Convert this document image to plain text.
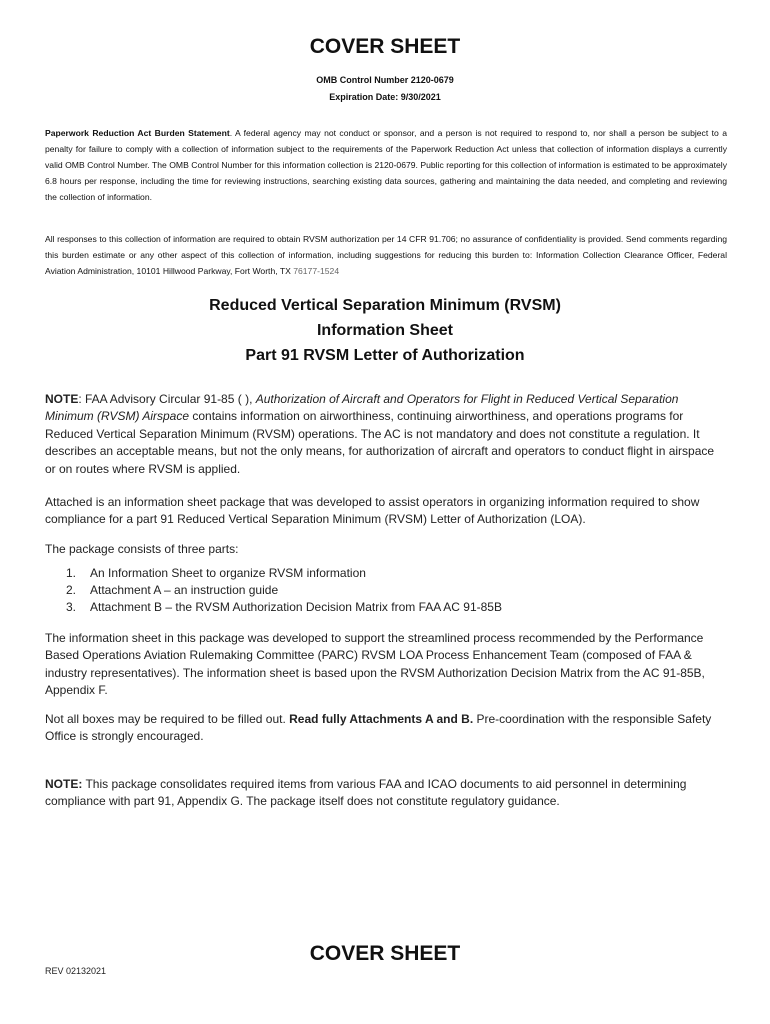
COVER SHEET
OMB Control Number 2120-0679
Expiration Date: 9/30/2021

Paperwork Reduction Act Burden Statement. A federal agency may not conduct or sponsor, and a person is not required to respond to, nor shall a person be subject to a penalty for failure to comply with a collection of information subject to the requirements of the Paperwork Reduction Act unless that collection of information displays a currently valid OMB Control Number. The OMB Control Number for this information collection is 2120-0679. Public reporting for this collection of information is estimated to be approximately 6.8 hours per response, including the time for reviewing instructions, searching existing data sources, gathering and maintaining the data needed, and completing and reviewing the collection of information.

All responses to this collection of information are required to obtain RVSM authorization per 14 CFR 91.706; no assurance of confidentiality is provided. Send comments regarding this burden estimate or any other aspect of this collection of information, including suggestions for reducing this burden to: Information Collection Clearance Officer, Federal Aviation Administration, 10101 Hillwood Parkway, Fort Worth, TX 76177-1524

Reduced Vertical Separation Minimum (RVSM)
Information Sheet
Part 91 RVSM Letter of Authorization

NOTE: FAA Advisory Circular 91-85 ( ), Authorization of Aircraft and Operators for Flight in Reduced Vertical Separation Minimum (RVSM) Airspace contains information on airworthiness, continuing airworthiness, and operations programs for Reduced Vertical Separation Minimum (RVSM) operations. The AC is not mandatory and does not constitute a regulation. It describes an acceptable means, but not the only means, for authorization of aircraft and operators to conduct flight in airspace or on routes where RVSM is applied.

Attached is an information sheet package that was developed to assist operators in organizing information required to show compliance for a part 91 Reduced Vertical Separation Minimum (RVSM) Letter of Authorization (LOA).

The package consists of three parts:

1.	An Information Sheet to organize RVSM information
2.	Attachment A – an instruction guide
3.	Attachment B – the RVSM Authorization Decision Matrix from FAA AC 91-85B

The information sheet in this package was developed to support the streamlined process recommended by the Performance Based Operations Aviation Rulemaking Committee (PARC) RVSM LOA Process Enhancement Team (composed of FAA & industry representatives). The information sheet is based upon the RVSM Authorization Decision Matrix from the AC 91-85B, Appendix F.

Not all boxes may be required to be filled out. Read fully Attachments A and B. Pre-coordination with the responsible Safety Office is strongly encouraged.

NOTE: This package consolidates required items from various FAA and ICAO documents to aid personnel in determining compliance with part 91, Appendix G. The package itself does not constitute regulatory guidance.

COVER SHEET
REV 02132021
